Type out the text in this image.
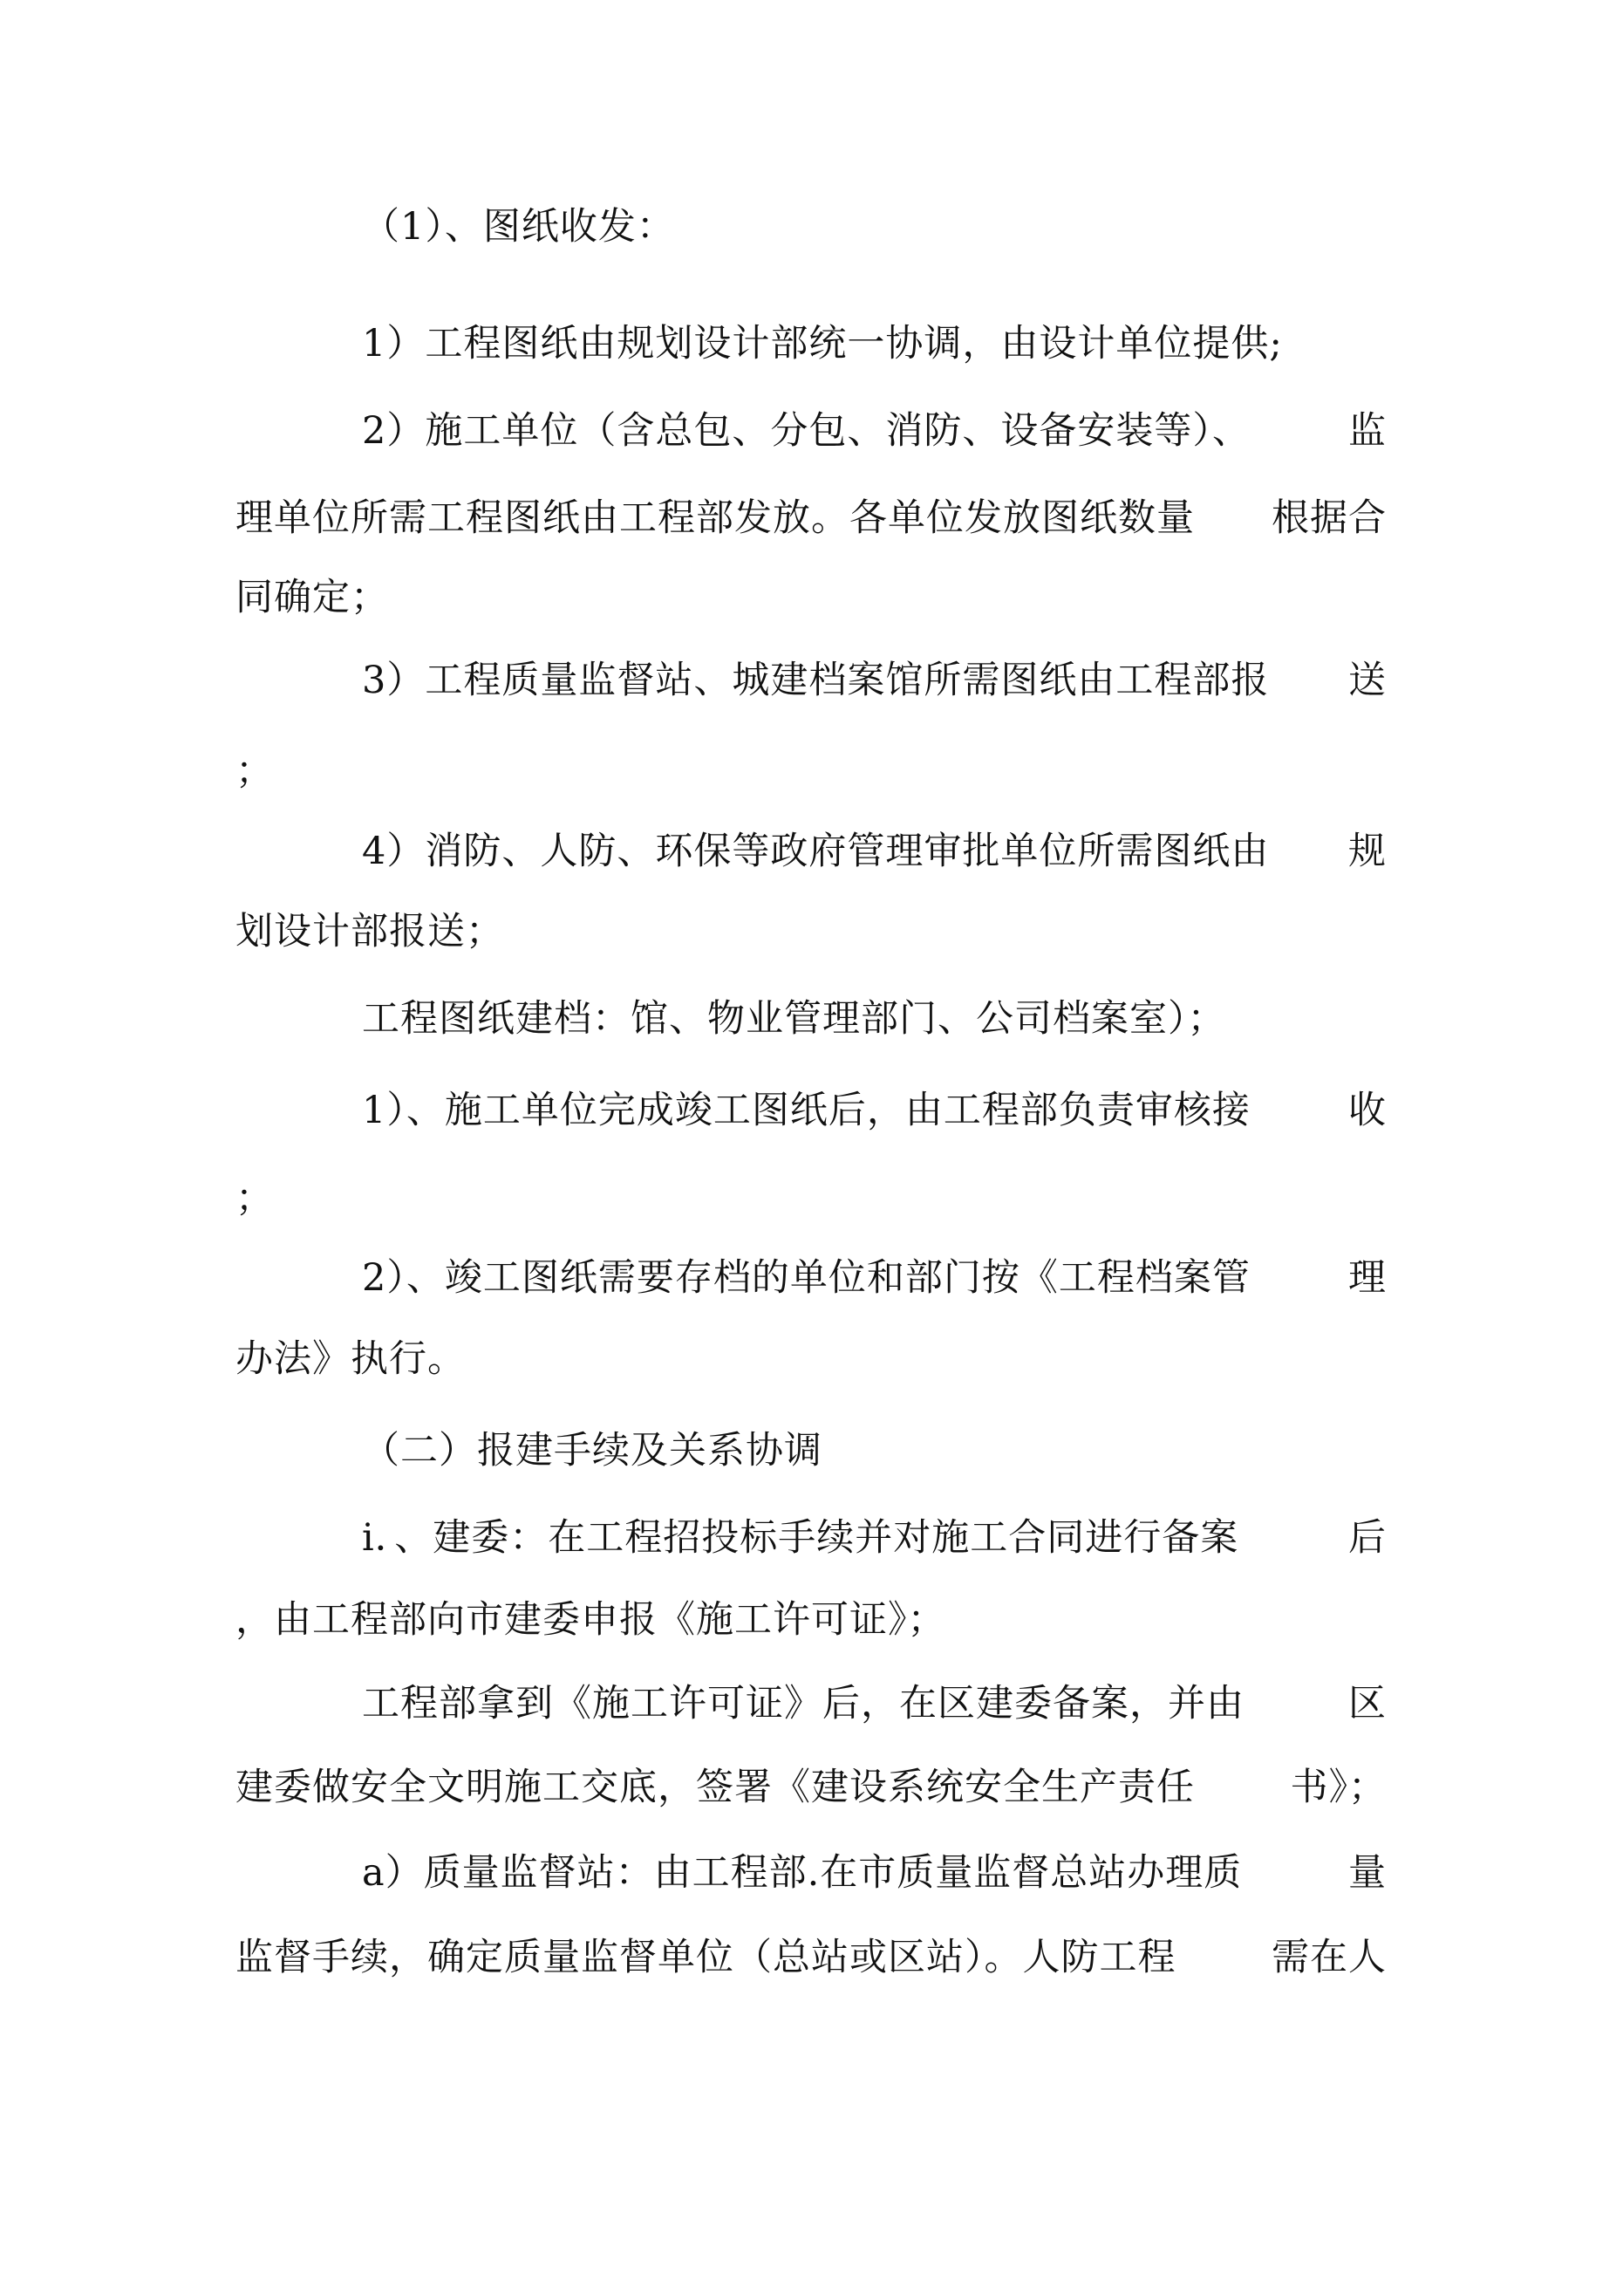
（1）、图纸收发：
1）工程图纸由规划设计部统一协调，由设计单位提供;
2）施工单位（含总包、分包、消防、设备安装等）、	监
理单位所需工程图纸由工程部发放。各单位发放图纸数量 根据合
同确定；
3）工程质量监督站、城建档案馆所需图纸由工程部报 送
；
4）消防、人防、环保等政府管理审批单位所需图纸由 规
划设计部报送；
工程图纸建档：馆、物业管理部门、公司档案室）；
1）、施工单位完成竣工图纸后，由工程部负责审核接	收
；
2）、竣工图纸需要存档的单位和部门按《工程档案管	理
办法》执行。
（二）报建手续及关系协调
i．、建委：在工程招投标手续并对施工合同进行备案	后
，由工程部向市建委申报《施工许可证》；
工程部拿到《施工许可证》后，在区建委备案，并由	区
建委做安全文明施工交底，签署《建设系统安全生产责任	书》；
a）质量监督站：由工程部.在市质量监督总站办理质	量
监督手续，确定质量监督单位（总站或区站）。人防工程	需在人
